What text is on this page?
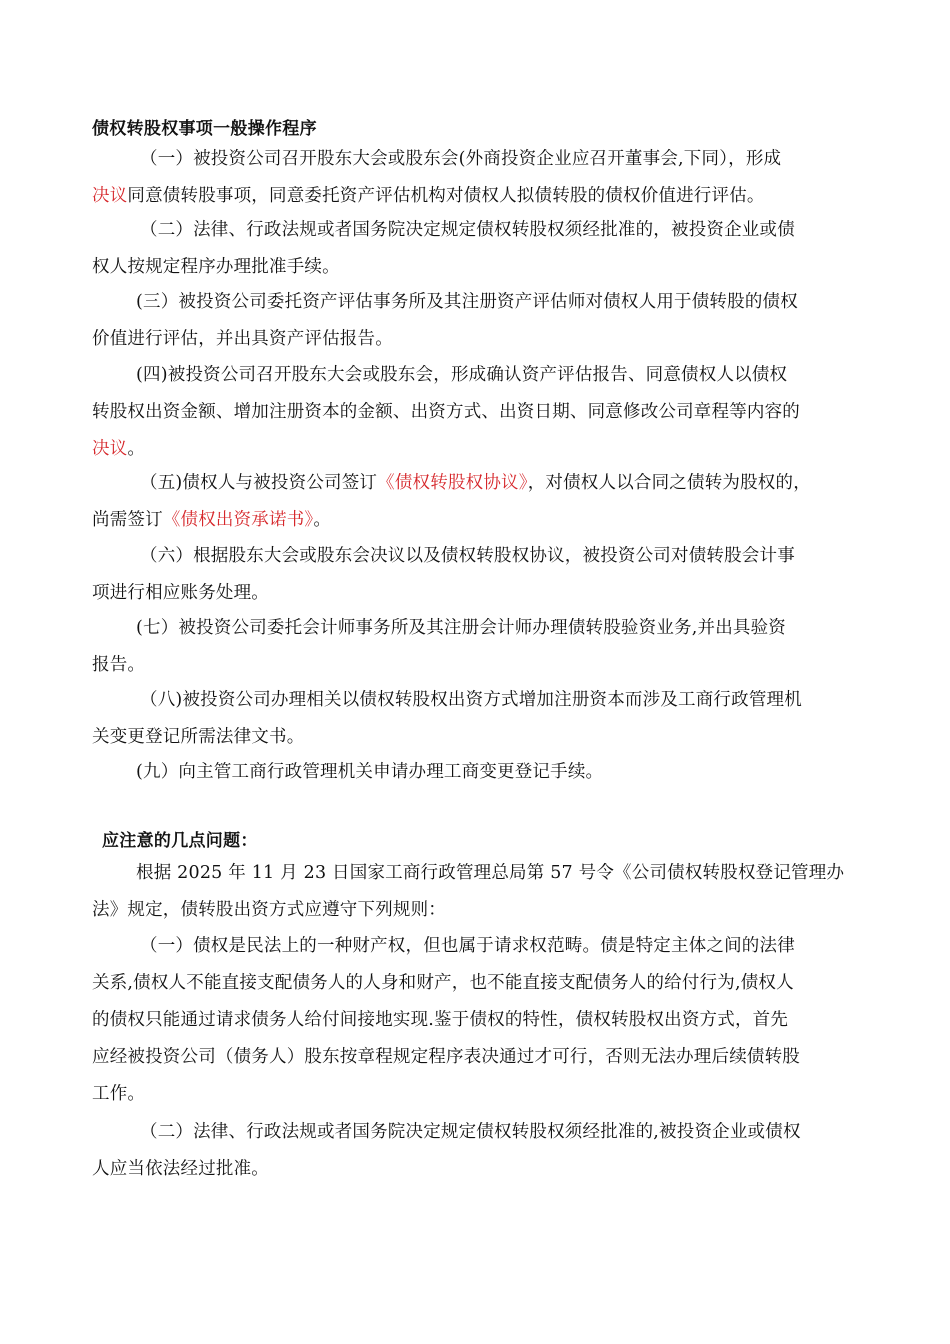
债权转股权事项一般操作程序
（一）被投资公司召开股东大会或股东会(外商投资企业应召开董事会,下同），形成
决议同意债转股事项，同意委托资产评估机构对债权人拟债转股的债权价值进行评估。
（二）法律、行政法规或者国务院决定规定债权转股权须经批准的，被投资企业或债
权人按规定程序办理批准手续。
(三）被投资公司委托资产评估事务所及其注册资产评估师对债权人用于债转股的债权
价值进行评估，并出具资产评估报告。
(四)被投资公司召开股东大会或股东会，形成确认资产评估报告、同意债权人以债权
转股权出资金额、增加注册资本的金额、出资方式、出资日期、同意修改公司章程等内容的
决议。
（五)债权人与被投资公司签订《债权转股权协议》，对债权人以合同之债转为股权的，
尚需签订《债权出资承诺书》。
（六）根据股东大会或股东会决议以及债权转股权协议，被投资公司对债转股会计事
项进行相应账务处理。
(七）被投资公司委托会计师事务所及其注册会计师办理债转股验资业务,并出具验资
报告。
（八)被投资公司办理相关以债权转股权出资方式增加注册资本而涉及工商行政管理机
关变更登记所需法律文书。
(九）向主管工商行政管理机关申请办理工商变更登记手续。
应注意的几点问题：
根据 2025 年 11 月 23 日国家工商行政管理总局第 57 号令《公司债权转股权登记管理办
法》规定，债转股出资方式应遵守下列规则：
（一）债权是民法上的一种财产权，但也属于请求权范畴。债是特定主体之间的法律
关系,债权人不能直接支配债务人的人身和财产，也不能直接支配债务人的给付行为,债权人
的债权只能通过请求债务人给付间接地实现.鉴于债权的特性，债权转股权出资方式，首先
应经被投资公司（债务人）股东按章程规定程序表决通过才可行，否则无法办理后续债转股
工作。
（二）法律、行政法规或者国务院决定规定债权转股权须经批准的,被投资企业或债权
人应当依法经过批准。
